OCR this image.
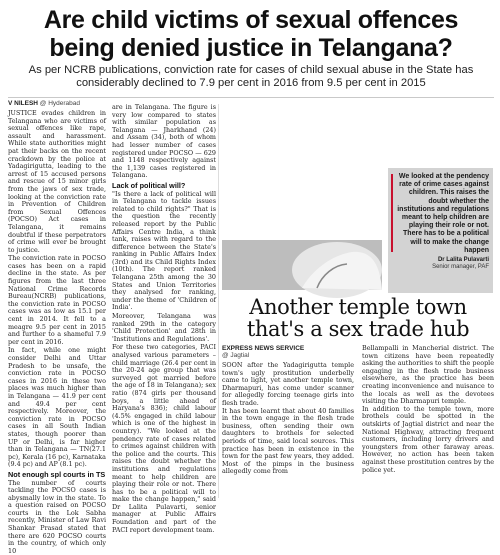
Are child victims of sexual offences being denied justice in Telangana?
As per NCRB publications, conviction rate for cases of child sexual abuse in the State has considerably declined to 7.9 per cent in 2016 from 9.5 per cent in 2015
V NILESH @ Hyderabad

JUSTICE evades children in Telangana who are victims of sexual offences like rape, assault and harassment. While state authorities might pat their backs on the recent crackdown by the police at Yadagirigutta, leading to the arrest of 15 accused persons and rescue of 15 minor girls from the jaws of sex trade, looking at the conviction rate in Prevention of Children from Sexual Offences (POCSO) Act cases in Telangana, it remains doubtful if these perpetrators of crime will ever be brought to justice.

The conviction rate in POCSO cases has been on a rapid decline in the state. As per figures from the last three National Crime Records Bureau(NCRB) publications, the conviction rate in POCSO cases was as low as 15.1 per cent in 2014. It fell to a meagre 9.5 per cent in 2015 and further to a shameful 7.9 per cent in 2016.

In fact, while one might consider Delhi and Uttar Pradesh to be unsafe, the conviction rate in POCSO cases in 2016 in these two places was much higher than in Telangana — 41.9 per cent and 49.4 per cent respectively. Moreover, the conviction rate in POCSO cases in all South Indian states, though poorer than UP or Delhi, is far higher than in Telangana — TN(27.1 pc), Kerala (16 pc), Karnataka (9.4 pc) and AP (8.1 pc).

Not enough spl courts in TS

The number of courts tackling the POCSO cases is abysmally low in the state. To a question raised on POCSO courts in the Lok Sabha recently, Minister of Law Ravi Shankar Prasad stated that there are 620 POCSO courts in the country, of which only 10

are in Telangana. The figure is very low compared to states with similar population as Telangana — Jharkhand (24) and Assam (34), both of whom had lesser number of cases registered under POCSO — 629 and 1148 respectively against the 1,139 cases registered in Telangana.

Lack of political will?

"Is there a lack of political will in Telangana to tackle issues related to child rights?" That is the question the recently released report by the Public Affairs Centre India, a think tank, raises with regard to the difference between the State's ranking in Public Affairs Index (3rd) and its Child Rights Index (10th). The report ranked Telangana 25th among the 30 States and Union Territories they analysed for ranking, under the theme of 'Children of India'.

Moreover, Telangana was ranked 29th in the category 'Child Protection' and 28th in 'Institutions and Regulations'.

For these two categories, PACI analysed various parameters – child marriage (26.4 per cent in the 20-24 age group that was surveyed got married before the age of 18 in Telangana); sex ratio (874 girls per thousand boys, a little ahead of Haryana's 836); child labour (4.5% engaged in child labour which is one of the highest in country). "We looked at the pendency rate of cases related to crimes against children with the police and the courts. This raises the doubt whether the institutions and regulations meant to help children are playing their role or not. There has to be a political will to make the change happen," said Dr Lalita Pulavarti, senior manager at Public Affairs Foundation and part of the PACI report development team.

We looked at the pendency rate of crime cases against children. This raises the doubt whether the institutions and regulations meant to help children are playing their role or not. There has to be a political will to make the change happen
Dr Lalita Pulavarti
Senior manager, PAF
Another temple town that's a sex trade hub
EXPRESS NEWS SERVICE
@ Jagtial
SOON after the Yadagirigutta temple town's ugly prostitution underbelly came to light, yet another temple town, Dharmapuri, has come under scanner for allegedly forcing teenage girls into flesh trade.
It has been learnt that about 40 families in the town engage in the flesh trade business, often sending their own daughters to brothels for selected periods of time, said local sources. This practice has been in existence in the town for the past few years, they added. Most of the pimps in the business allegedly come from
Bellampalli in Mancherial district. The town citizens have been repeatedly asking the authorities to shift the people engaging in the flesh trade business elsewhere, as the practice has been creating inconvenience and nuisance to the locals as well as the devotees visiting the Dharmapuri temple.
In addition to the temple town, more brothels could be spotted in the outskirts of Jagtial district and near the National Highway, attracting frequent customers, including lorry drivers and youngsters from other faraway areas. However, no action has been taken against these prostitution centres by the police yet.
